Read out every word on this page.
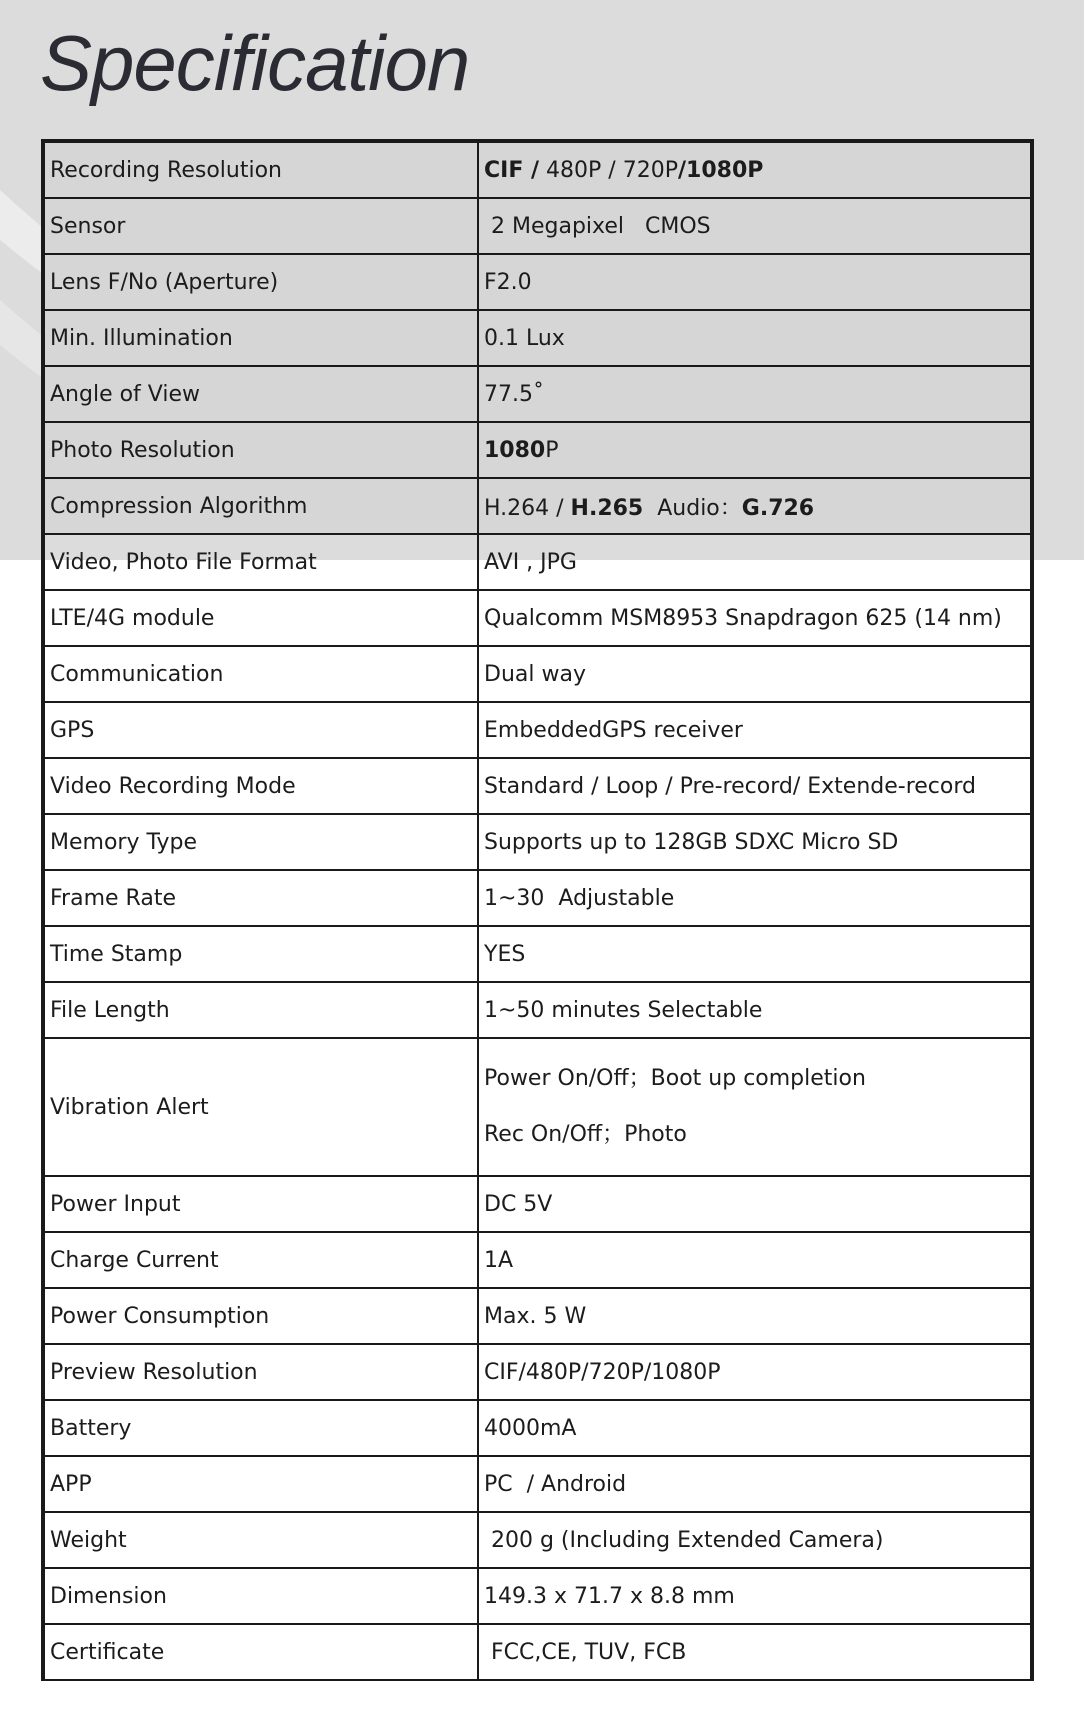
Specification
Recording Resolution	CIF / 480P / 720P/1080P
Sensor	2 Megapixel   CMOS
Lens F/No (Aperture)	F2.0
Min. Illumination	0.1 Lux
Angle of View	77.5˚
Photo Resolution	1080P
Compression Algorithm	H.264 / H.265  Audio：G.726
Video, Photo File Format	AVI , JPG
LTE/4G module	Qualcomm MSM8953 Snapdragon 625 (14 nm)
Communication	Dual way
GPS	EmbeddedGPS receiver
Video Recording Mode	Standard / Loop / Pre-record/ Extende-record
Memory Type	Supports up to 128GB SDXC Micro SD
Frame Rate	1~30  Adjustable
Time Stamp	YES
File Length	1~50 minutes Selectable
Vibration Alert	Power On/Off；Boot up completion
Rec On/Off；Photo

Power Input	DC 5V
Charge Current	1A
Power Consumption	Max. 5 W
Preview Resolution	CIF/480P/720P/1080P
Battery	4000mA
APP	PC  / Android
Weight	200 g (Including Extended Camera)
Dimension	149.3 x 71.7 x 8.8 mm
Certificate	FCC,CE, TUV, FCB
